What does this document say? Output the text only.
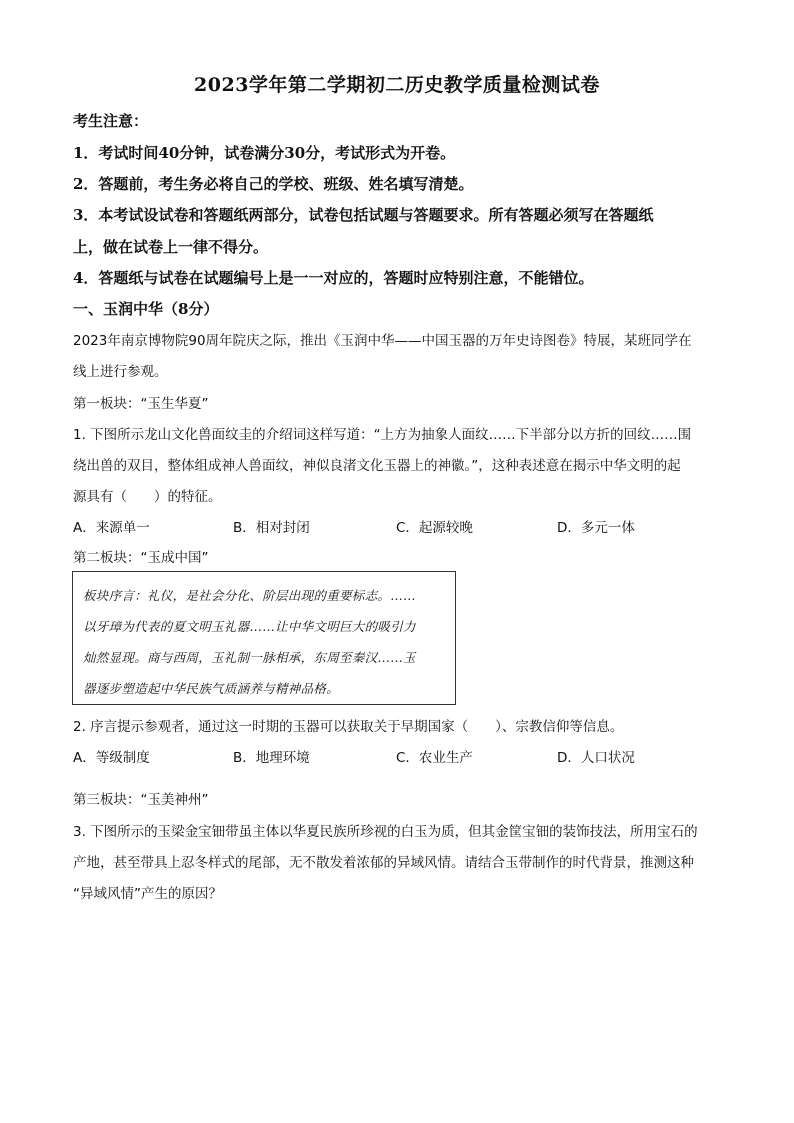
2023学年第二学期初二历史教学质量检测试卷
考生注意：
1．考试时间40分钟，试卷满分30分，考试形式为开卷。
2．答题前，考生务必将自己的学校、班级、姓名填写清楚。
3．本考试设试卷和答题纸两部分，试卷包括试题与答题要求。所有答题必须写在答题纸
上，做在试卷上一律不得分。
4．答题纸与试卷在试题编号上是一一对应的，答题时应特别注意，不能错位。
一、玉润中华（8分）
2023年南京博物院90周年院庆之际，推出《玉润中华——中国玉器的万年史诗图卷》特展，某班同学在
线上进行参观。
第一板块：“玉生华夏”
1. 下图所示龙山文化兽面纹圭的介绍词这样写道：“上方为抽象人面纹……下半部分以方折的回纹……围
绕出兽的双目，整体组成神人兽面纹，神似良渚文化玉器上的神徽。”，这种表述意在揭示中华文明的起
源具有（　　）的特征。
A．来源单一	B．相对封闭	C．起源较晚	D．多元一体
第二板块：“玉成中国”
板块序言：礼仪，是社会分化、阶层出现的重要标志。……
以牙璋为代表的夏文明玉礼器……让中华文明巨大的吸引力
灿然显现。商与西周，玉礼制一脉相承，东周至秦汉……玉
器逐步塑造起中华民族气质涵养与精神品格。
2. 序言提示参观者，通过这一时期的玉器可以获取关于早期国家（　　）、宗教信仰等信息。
A．等级制度	B．地理环境	C．农业生产	D．人口状况
第三板块：“玉美神州”
3. 下图所示的玉梁金宝钿带虽主体以华夏民族所珍视的白玉为质，但其金筐宝钿的装饰技法，所用宝石的
产地，甚至带具上忍冬样式的尾部，无不散发着浓郁的异域风情。请结合玉带制作的时代背景，推测这种
“异域风情”产生的原因？
